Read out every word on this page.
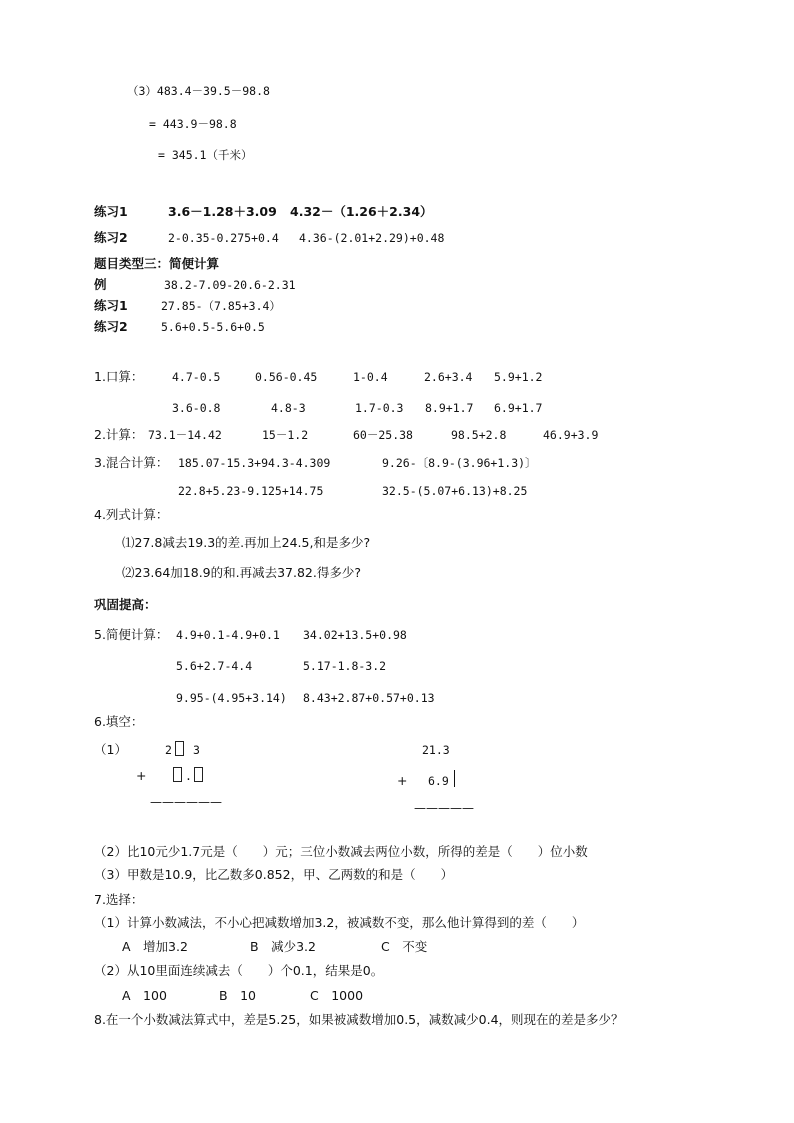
（3）483.4－39.5－98.8
= 443.9－98.8
= 345.1（千米）
练习1	3.6－1.28＋3.09 4.32－（1.26＋2.34）
练习2	2-0.35-0.275+0.4 4.36-(2.01+2.29)+0.48
题目类型三：简便计算
例	38.2-7.09-20.6-2.31
练习1	27.85-（7.85+3.4）
练习2	5.6+0.5-5.6+0.5
1.口算： 4.7-0.5	0.56-0.45	1-0.4	2.6+3.4 5.9+1.2
3.6-0.8	4.8-3	1.7-0.3 8.9+1.7 6.9+1.7
2.计算： 73.1－14.42	15－1.2	60－25.38	98.5+2.8	46.9+3.9
3.混合计算： 185.07-15.3+94.3-4.309	9.26-〔8.9-(3.96+1.3)〕
22.8+5.23-9.125+14.75	32.5-(5.07+6.13)+8.25
4.列式计算：
⑴27.8减去19.3的差.再加上24.5,和是多少?
⑵23.64加18.9的和.再减去37.82.得多少?
巩固提高：
5.简便计算： 4.9+0.1-4.9+0.1 34.02+13.5+0.98
5.6+2.7-4.4	5.17-1.8-3.2
9.95-(4.95+3.14) 8.43+2.87+0.57+0.13
6.填空：
（1）	2 3
+	.
——————
21.3
+ 6.9
—————
（2）比10元少1.7元是（　　）元；三位小数减去两位小数，所得的差是（　　）位小数
（3）甲数是10.9，比乙数多0.852，甲、乙两数的和是（　　）
7.选择：
（1）计算小数减法，不小心把减数增加3.2，被减数不变，那么他计算得到的差（　　）
A　增加3.2	B　减少3.2	C　不变
（2）从10里面连续减去（　　）个0.1，结果是0。
A　100	B　10	C　1000
8.在一个小数减法算式中，差是5.25，如果被减数增加0.5，减数减少0.4，则现在的差是多少？
